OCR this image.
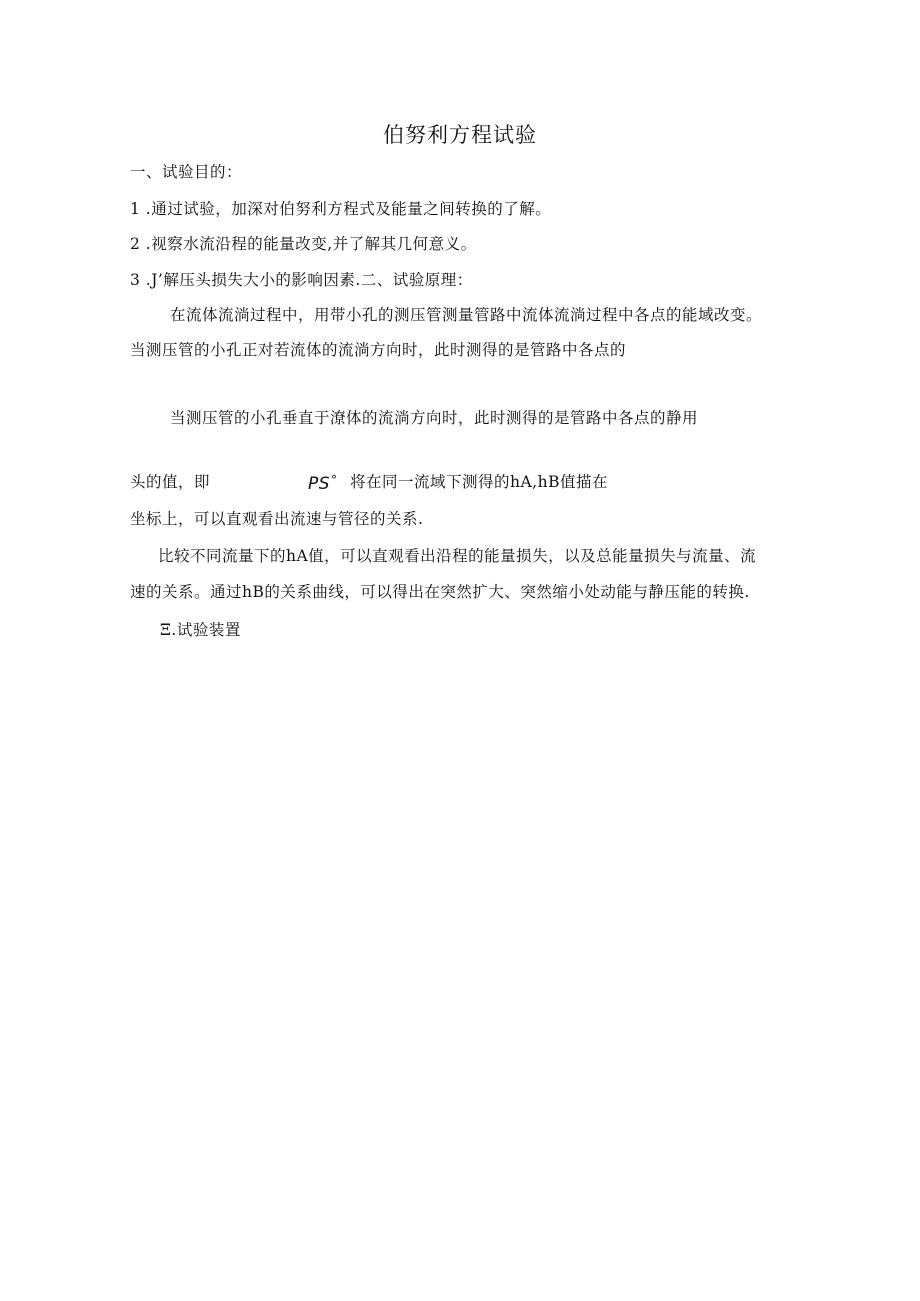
伯努利方程试验
一、试验目的：
1 .通过试验，加深对伯努利方程式及能量之间转换的了解。
2 .视察水流沿程的能量改变,并了解其几何意义。
3 .J’解压头损失大小的影响因素.二、试验原理：
在流体流淌过程中，用带小孔的测压管测量管路中流体流淌过程中各点的能域改变。
当测压管的小孔正对若流体的流淌方向时，此时测得的是管路中各点的
当测压管的小孔垂直于潦体的流淌方向时，此时测得的是管路中各点的静用
头的值，即	PS° 将在同一流域下测得的hA,hB值描在
坐标上，可以直观看出流速与管径的关系.
比较不同流量下的hA值，可以直观看出沿程的能量损失，以及总能量损失与流量、流
速的关系。通过hB的关系曲线，可以得出在突然扩大、突然缩小处动能与静压能的转换.
Ξ.试验装置
